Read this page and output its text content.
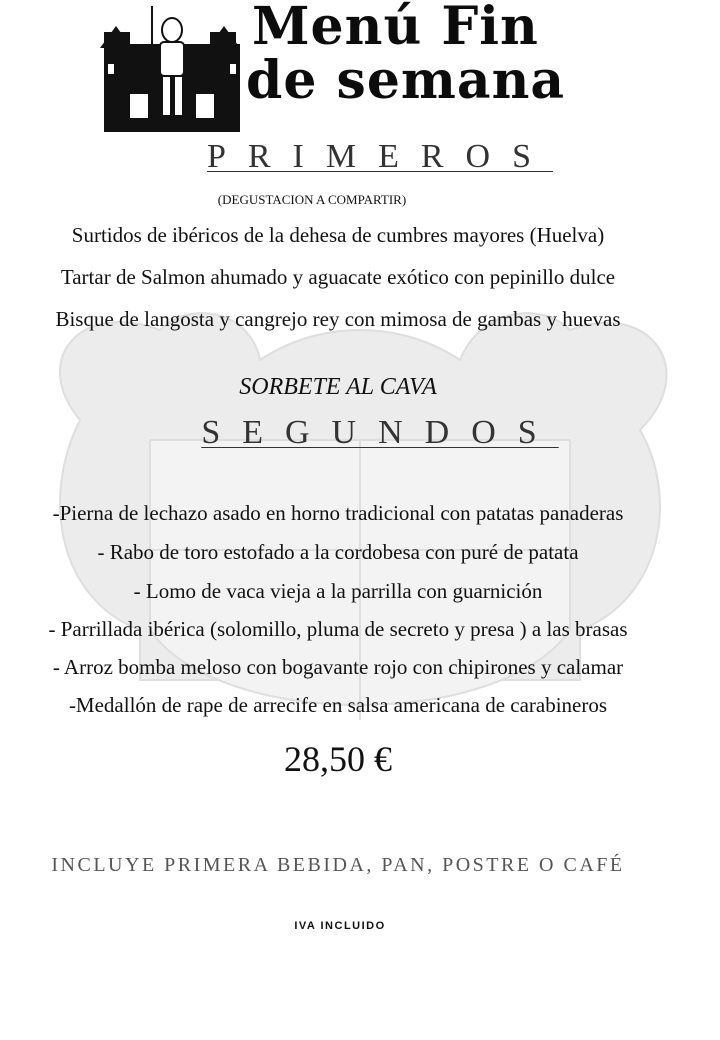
Menú Fin
de semana
PRIMEROS
(DEGUSTACION A COMPARTIR)
Surtidos de ibéricos de la dehesa de cumbres mayores (Huelva)
Tartar de Salmon ahumado y aguacate exótico con pepinillo dulce
Bisque de langosta y cangrejo rey con mimosa de gambas y huevas
SORBETE AL CAVA
SEGUNDOS
-Pierna de lechazo asado en horno tradicional con patatas panaderas
- Rabo de toro estofado a la cordobesa con puré de patata
- Lomo de vaca vieja a la parrilla con guarnición
- Parrillada ibérica (solomillo, pluma de secreto y presa ) a las brasas
- Arroz bomba meloso con bogavante rojo con chipirones y calamar
-Medallón de rape de arrecife en salsa americana de carabineros
28,50 €
INCLUYE PRIMERA BEBIDA, PAN, POSTRE O CAFÉ
IVA INCLUIDO
